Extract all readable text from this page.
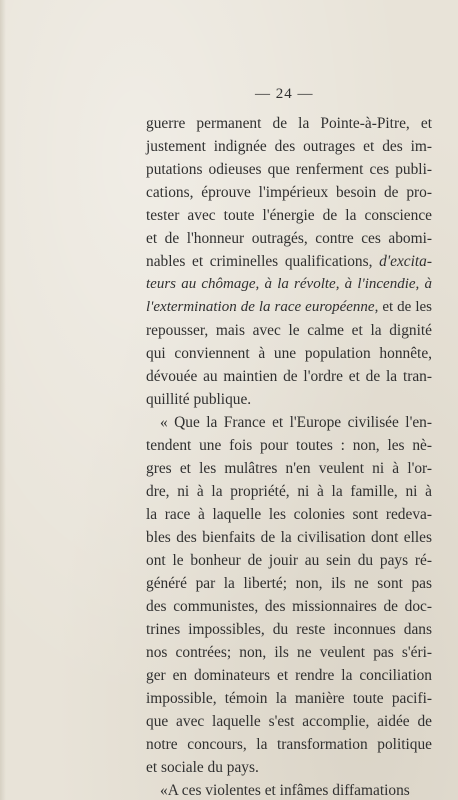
— 24 —
guerre permanent de la Pointe-à-Pitre, et
justement indignée des outrages et des im-
putations odieuses que renferment ces publi-
cations, éprouve l'impérieux besoin de pro-
tester avec toute l'énergie de la conscience
et de l'honneur outragés, contre ces abomi-
nables et criminelles qualifications, d'excita-
teurs au chômage, à la révolte, à l'incendie, à
l'extermination de la race européenne, et de les
repousser, mais avec le calme et la dignité
qui conviennent à une population honnête,
dévouée au maintien de l'ordre et de la tran-
quillité publique.
« Que la France et l'Europe civilisée l'en-
tendent une fois pour toutes : non, les nè-
gres et les mulâtres n'en veulent ni à l'or-
dre, ni à la propriété, ni à la famille, ni à
la race à laquelle les colonies sont redeva-
bles des bienfaits de la civilisation dont elles
ont le bonheur de jouir au sein du pays ré-
généré par la liberté; non, ils ne sont pas
des communistes, des missionnaires de doc-
trines impossibles, du reste inconnues dans
nos contrées; non, ils ne veulent pas s'éri-
ger en dominateurs et rendre la conciliation
impossible, témoin la manière toute pacifi-
que avec laquelle s'est accomplie, aidée de
notre concours, la transformation politique
et sociale du pays.
«A ces violentes et infâmes diffamations
